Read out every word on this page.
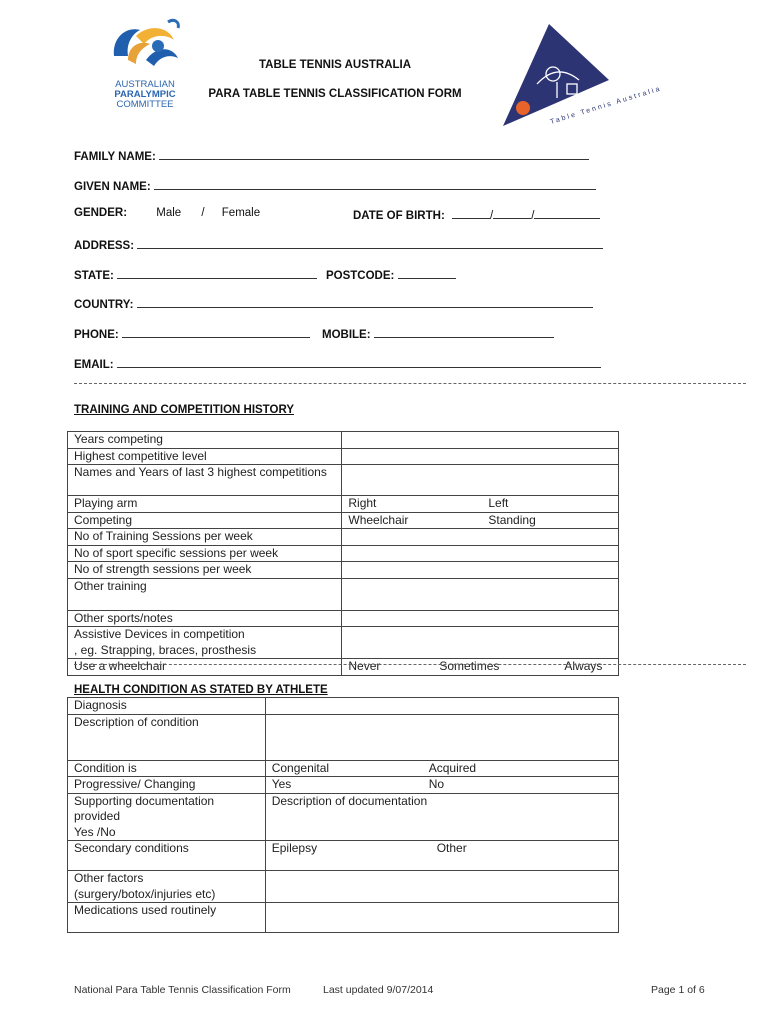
AUSTRALIAN
PARALYMPIC
COMMITTEE
TABLE TENNIS AUSTRALIA
PARA TABLE TENNIS CLASSIFICATION FORM	Table Tennis Australia
FAMILY NAME:
GIVEN NAME:
GENDER:	Male / Female	DATE OF BIRTH:	/	/
ADDRESS:
STATE:	POSTCODE:
COUNTRY:
PHONE:	MOBILE:
EMAIL:
TRAINING AND COMPETITION HISTORY
Years competing	
Highest competitive level	
Names and Years of last 3 highest competitions	
Playing arm	Right Left
Competing	Wheelchair Standing
No of Training Sessions per week	
No of sport specific sessions per week	
No of strength sessions per week	
Other training	
Other sports/notes	

Assistive Devices in competition
, eg. Strapping, braces, prosthesis	

Use a wheelchair	Never Sometimes Always
HEALTH CONDITION AS STATED BY ATHLETE
Diagnosis	
Description of condition	
Condition is	Congenital Acquired
Progressive/ Changing	Yes No

Supporting documentation
provided
Yes /No	Description of documentation
Secondary conditions	Epilepsy Other

Other factors
(surgery/botox/injuries etc)	

Medications used routinely	
National Para Table Tennis Classification Form	Last updated 9/07/2014	Page 1 of 6
